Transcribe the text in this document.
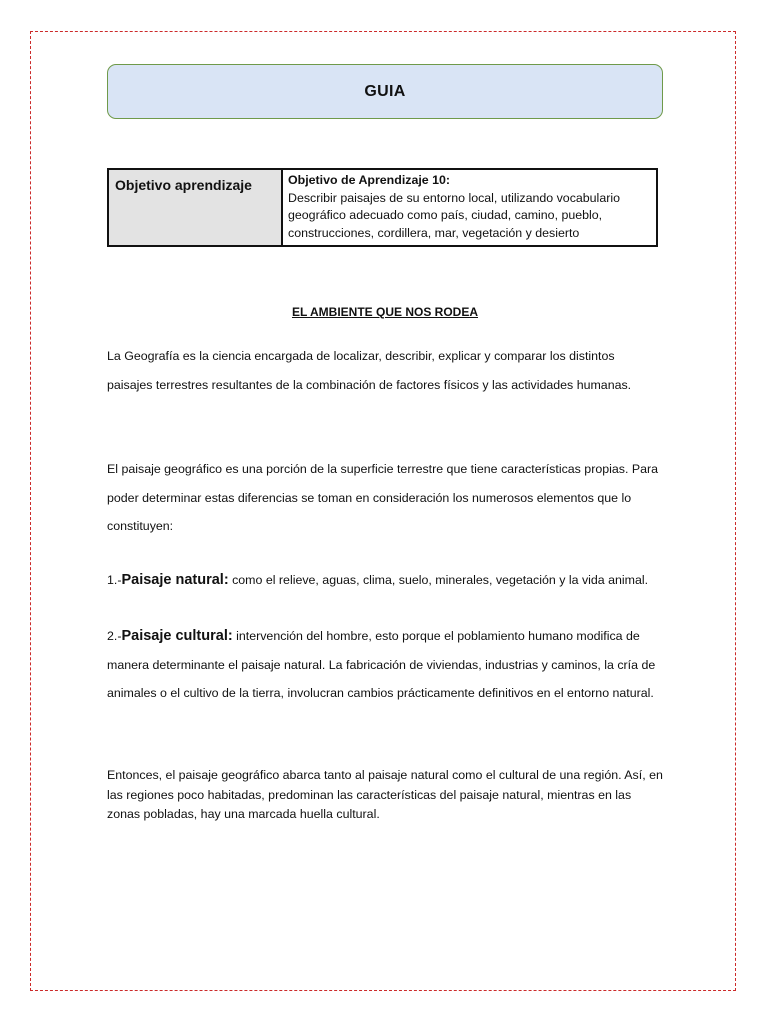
GUIA
Objetivo aprendizaje	Objetivo de Aprendizaje 10:
Describir paisajes de su entorno local, utilizando vocabulario geográfico adecuado como país, ciudad, camino, pueblo, construcciones, cordillera, mar, vegetación y desierto
EL AMBIENTE QUE NOS RODEA

La Geografía es la ciencia encargada de localizar, describir, explicar y comparar los distintos paisajes terrestres resultantes de la combinación de factores físicos y las actividades humanas.

El paisaje geográfico es una porción de la superficie terrestre que tiene características propias. Para poder determinar estas diferencias se toman en consideración los numerosos elementos que lo constituyen:

1.-Paisaje natural: como el relieve, aguas, clima, suelo, minerales, vegetación y la vida animal.

2.-Paisaje cultural: intervención del hombre, esto porque el poblamiento humano modifica de manera determinante el paisaje natural. La fabricación de viviendas, industrias y caminos, la cría de animales o el cultivo de la tierra, involucran cambios prácticamente definitivos en el entorno natural.

Entonces, el paisaje geográfico abarca tanto al paisaje natural como el cultural de una región. Así, en las regiones poco habitadas, predominan las características del paisaje natural, mientras en las zonas pobladas, hay una marcada huella cultural.
